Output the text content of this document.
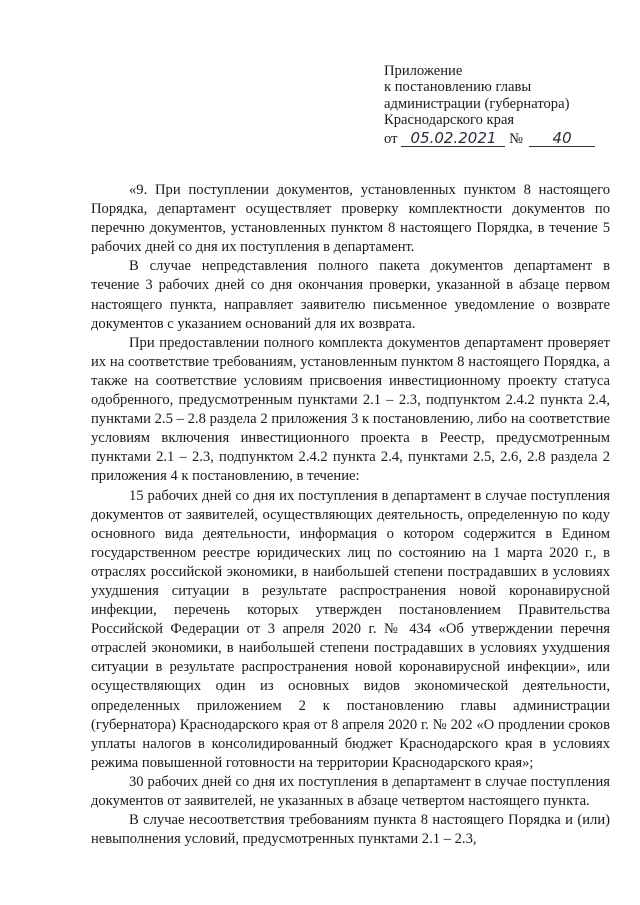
Приложение
к постановлению главы
администрации (губернатора)
Краснодарского края
от 05.02.2021 № 40

«9. При поступлении документов, установленных пунктом 8 настоящего Порядка, департамент осуществляет проверку комплектности документов по перечню документов, установленных пунктом 8 настоящего Порядка, в течение 5 рабочих дней со дня их поступления в департамент.

В случае непредставления полного пакета документов департамент в течение 3 рабочих дней со дня окончания проверки, указанной в абзаце первом настоящего пункта, направляет заявителю письменное уведомление о возврате документов с указанием оснований для их возврата.

При предоставлении полного комплекта документов департамент проверяет их на соответствие требованиям, установленным пунктом 8 настоящего Порядка, а также на соответствие условиям присвоения инвестиционному проекту статуса одобренного, предусмотренным пунктами 2.1 – 2.3, подпунктом 2.4.2 пункта 2.4, пунктами 2.5 – 2.8 раздела 2 приложения 3 к постановлению, либо на соответствие условиям включения инвестиционного проекта в Реестр, предусмотренным пунктами 2.1 – 2.3, подпунктом 2.4.2 пункта 2.4, пунктами 2.5, 2.6, 2.8 раздела 2 приложения 4 к постановлению, в течение:

15 рабочих дней со дня их поступления в департамент в случае поступления документов от заявителей, осуществляющих деятельность, определенную по коду основного вида деятельности, информация о котором содержится в Едином государственном реестре юридических лиц по состоянию на 1 марта 2020 г., в отраслях российской экономики, в наибольшей степени пострадавших в условиях ухудшения ситуации в результате распространения новой коронавирусной инфекции, перечень которых утвержден постановлением Правительства Российской Федерации от 3 апреля 2020 г. № 434 «Об утверждении перечня отраслей экономики, в наибольшей степени пострадавших в условиях ухудшения ситуации в результате распространения новой коронавирусной инфекции», или осуществляющих один из основных видов экономической деятельности, определенных приложением 2 к постановлению главы администрации (губернатора) Краснодарского края от 8 апреля 2020 г. № 202 «О продлении сроков уплаты налогов в консолидированный бюджет Краснодарского края в условиях режима повышенной готовности на территории Краснодарского края»;

30 рабочих дней со дня их поступления в департамент в случае поступления документов от заявителей, не указанных в абзаце четвертом настоящего пункта.

В случае несоответствия требованиям пункта 8 настоящего Порядка и (или) невыполнения условий, предусмотренных пунктами 2.1 – 2.3,
